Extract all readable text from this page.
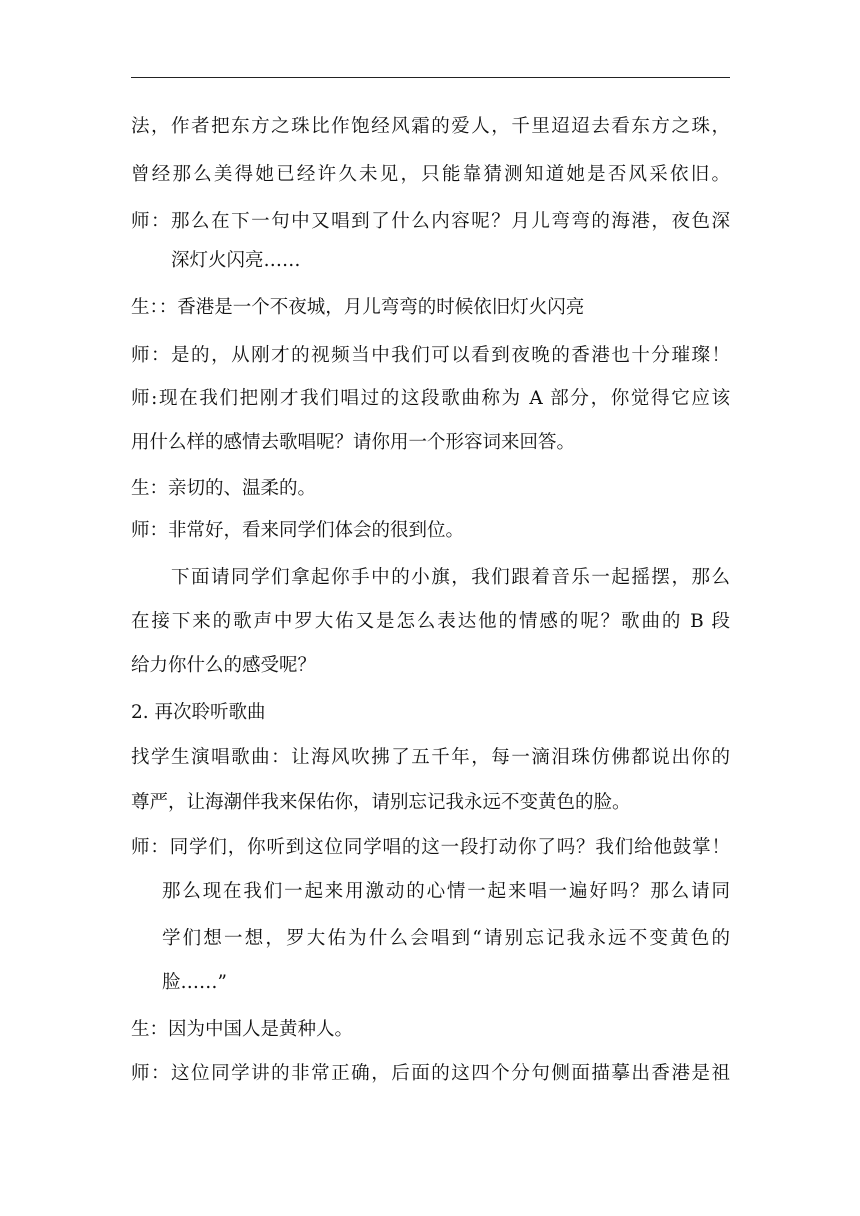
法，作者把东方之珠比作饱经风霜的爱人，千里迢迢去看东方之珠，

曾经那么美得她已经许久未见，只能靠猜测知道她是否风采依旧。

师：那么在下一句中又唱到了什么内容呢？月儿弯弯的海港，夜色深

深灯火闪亮……

生：：香港是一个不夜城，月儿弯弯的时候依旧灯火闪亮

师：是的，从刚才的视频当中我们可以看到夜晚的香港也十分璀璨！

师:现在我们把刚才我们唱过的这段歌曲称为 A 部分，你觉得它应该

用什么样的感情去歌唱呢？请你用一个形容词来回答。

生：亲切的、温柔的。

师：非常好，看来同学们体会的很到位。

下面请同学们拿起你手中的小旗，我们跟着音乐一起摇摆，那么

在接下来的歌声中罗大佑又是怎么表达他的情感的呢？歌曲的 B 段

给力你什么的感受呢？

2. 再次聆听歌曲

找学生演唱歌曲：让海风吹拂了五千年，每一滴泪珠仿佛都说出你的

尊严，让海潮伴我来保佑你，请别忘记我永远不变黄色的脸。

师：同学们，你听到这位同学唱的这一段打动你了吗？我们给他鼓掌！

那么现在我们一起来用激动的心情一起来唱一遍好吗？那么请同

学们想一想，罗大佑为什么会唱到“请别忘记我永远不变黄色的

脸……”

生：因为中国人是黄种人。

师：这位同学讲的非常正确，后面的这四个分句侧面描摹出香港是祖
